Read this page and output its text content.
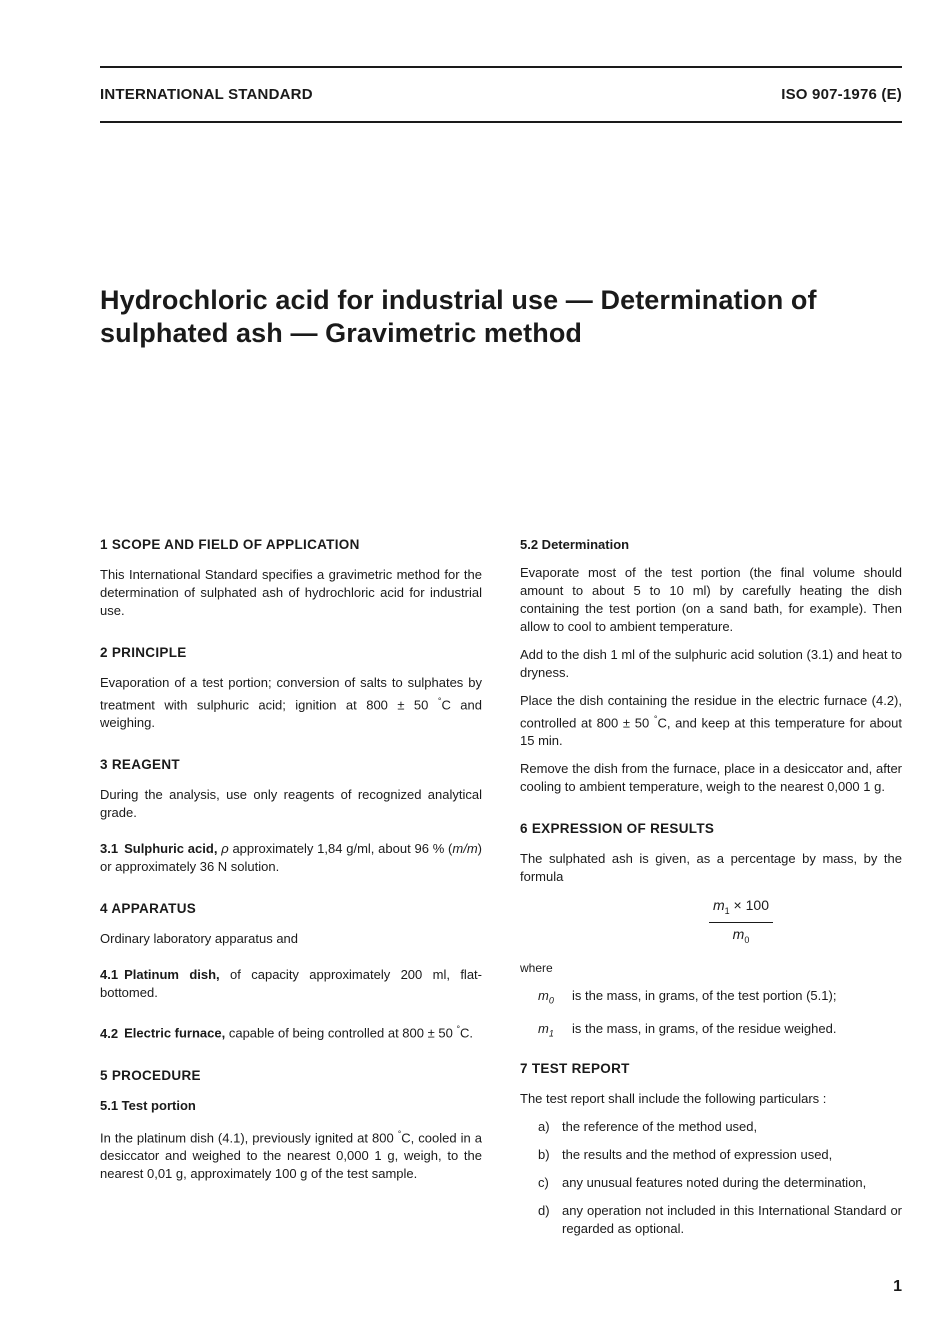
INTERNATIONAL STANDARD	ISO 907-1976 (E)
Hydrochloric acid for industrial use — Determination of
sulphated ash — Gravimetric method
1 SCOPE AND FIELD OF APPLICATION

This International Standard specifies a gravimetric method for the determination of sulphated ash of hydrochloric acid for industrial use.

2 PRINCIPLE

Evaporation of a test portion; conversion of salts to sulphates by treatment with sulphuric acid; ignition at 800 ± 50 °C and weighing.

3 REAGENT

During the analysis, use only reagents of recognized analytical grade.

3.1 Sulphuric acid, ρ approximately 1,84 g/ml, about 96 % (m/m) or approximately 36 N solution.

4 APPARATUS

Ordinary laboratory apparatus and

4.1 Platinum dish, of capacity approximately 200 ml, flat-bottomed.

4.2 Electric furnace, capable of being controlled at 800 ± 50 °C.

5 PROCEDURE
5.1 Test portion

In the platinum dish (4.1), previously ignited at 800 °C, cooled in a desiccator and weighed to the nearest 0,000 1 g, weigh, to the nearest 0,01 g, approximately 100 g of the test sample.

5.2 Determination

Evaporate most of the test portion (the final volume should amount to about 5 to 10 ml) by carefully heating the dish containing the test portion (on a sand bath, for example). Then allow to cool to ambient temperature.

Add to the dish 1 ml of the sulphuric acid solution (3.1) and heat to dryness.

Place the dish containing the residue in the electric furnace (4.2), controlled at 800 ± 50 °C, and keep at this temperature for about 15 min.

Remove the dish from the furnace, place in a desiccator and, after cooling to ambient temperature, weigh to the nearest 0,000 1 g.

6 EXPRESSION OF RESULTS

The sulphated ash is given, as a percentage by mass, by the formula

$\frac{m_1 \times 100}{m_0}$
where
$m_0$	is the mass, in grams, of the test portion (5.1);
$m_1$	is the mass, in grams, of the residue weighed.
7 TEST REPORT

The test report shall include the following particulars :

a) the reference of the method used,
b) the results and the method of expression used,
c)	any unusual features noted during the determination,
d) any operation not included in this International Standard or regarded as optional.
1
